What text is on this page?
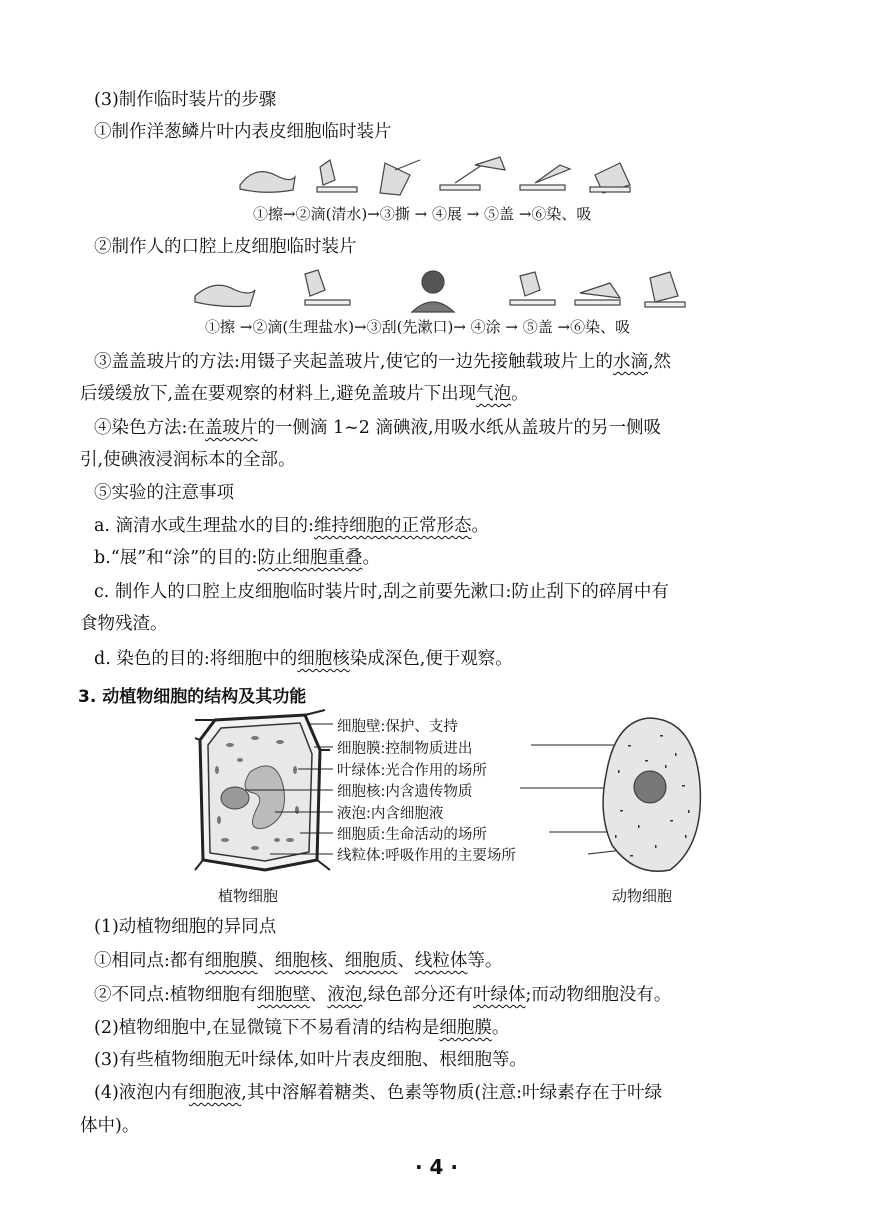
(3)制作临时装片的步骤
①制作洋葱鳞片叶内表皮细胞临时装片
①擦→②滴(清水)→③撕 → ④展 → ⑤盖 →⑥染、吸
②制作人的口腔上皮细胞临时装片
①擦 →②滴(生理盐水)→③刮(先漱口)→ ④涂 → ⑤盖 →⑥染、吸
③盖盖玻片的方法:用镊子夹起盖玻片,使它的一边先接触载玻片上的水滴,然
后缓缓放下,盖在要观察的材料上,避免盖玻片下出现气泡。
④染色方法:在盖玻片的一侧滴 1~2 滴碘液,用吸水纸从盖玻片的另一侧吸
引,使碘液浸润标本的全部。
⑤实验的注意事项
a. 滴清水或生理盐水的目的:维持细胞的正常形态。
b.“展”和“涂”的目的:防止细胞重叠。
c. 制作人的口腔上皮细胞临时装片时,刮之前要先漱口:防止刮下的碎屑中有
食物残渣。
d. 染色的目的:将细胞中的细胞核染成深色,便于观察。
3. 动植物细胞的结构及其功能
细胞壁:保护、支持
细胞膜:控制物质进出
叶绿体:光合作用的场所
细胞核:内含遗传物质
液泡:内含细胞液
细胞质:生命活动的场所
线粒体:呼吸作用的主要场所
植物细胞	动物细胞
(1)动植物细胞的异同点
①相同点:都有细胞膜、细胞核、细胞质、线粒体等。
②不同点:植物细胞有细胞壁、液泡,绿色部分还有叶绿体;而动物细胞没有。
(2)植物细胞中,在显微镜下不易看清的结构是细胞膜。
(3)有些植物细胞无叶绿体,如叶片表皮细胞、根细胞等。
(4)液泡内有细胞液,其中溶解着糖类、色素等物质(注意:叶绿素存在于叶绿
体中)。
· 4 ·
